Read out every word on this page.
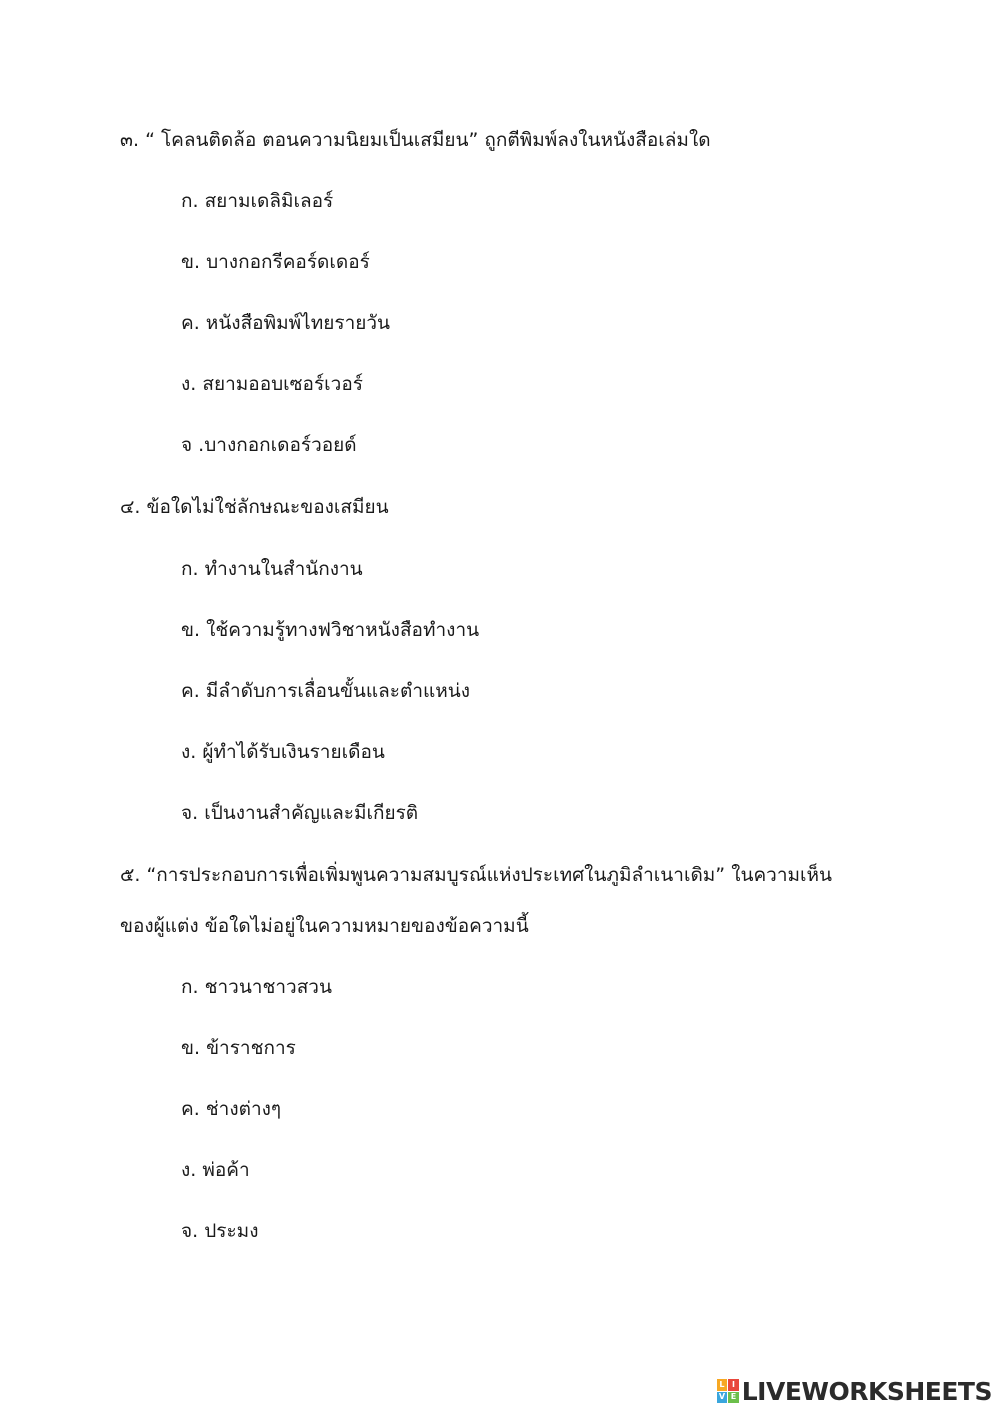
๓. “ โคลนติดล้อ ตอนความนิยมเป็นเสมียน” ถูกตีพิมพ์ลงในหนังสือเล่มใด
ก. สยามเดลิมิเลอร์
ข. บางกอกรีคอร์ดเดอร์
ค. หนังสือพิมพ์ไทยรายวัน
ง. สยามออบเซอร์เวอร์
จ .บางกอกเดอร์วอยด์
๔. ข้อใดไม่ใช่ลักษณะของเสมียน
ก. ทำงานในสำนักงาน
ข. ใช้ความรู้ทางฟวิชาหนังสือทำงาน
ค. มีลำดับการเลื่อนขั้นและตำแหน่ง
ง. ผู้ทำได้รับเงินรายเดือน
จ. เป็นงานสำคัญและมีเกียรติ
๕. “การประกอบการเพื่อเพิ่มพูนความสมบูรณ์แห่งประเทศในภูมิลำเนาเดิม” ในความเห็น
ของผู้แต่ง ข้อใดไม่อยู่ในความหมายของข้อความนี้
ก. ชาวนาชาวสวน
ข. ข้าราชการ
ค. ช่างต่างๆ
ง. พ่อค้า
จ. ประมง
L I
V E LIVEWORKSHEETS
